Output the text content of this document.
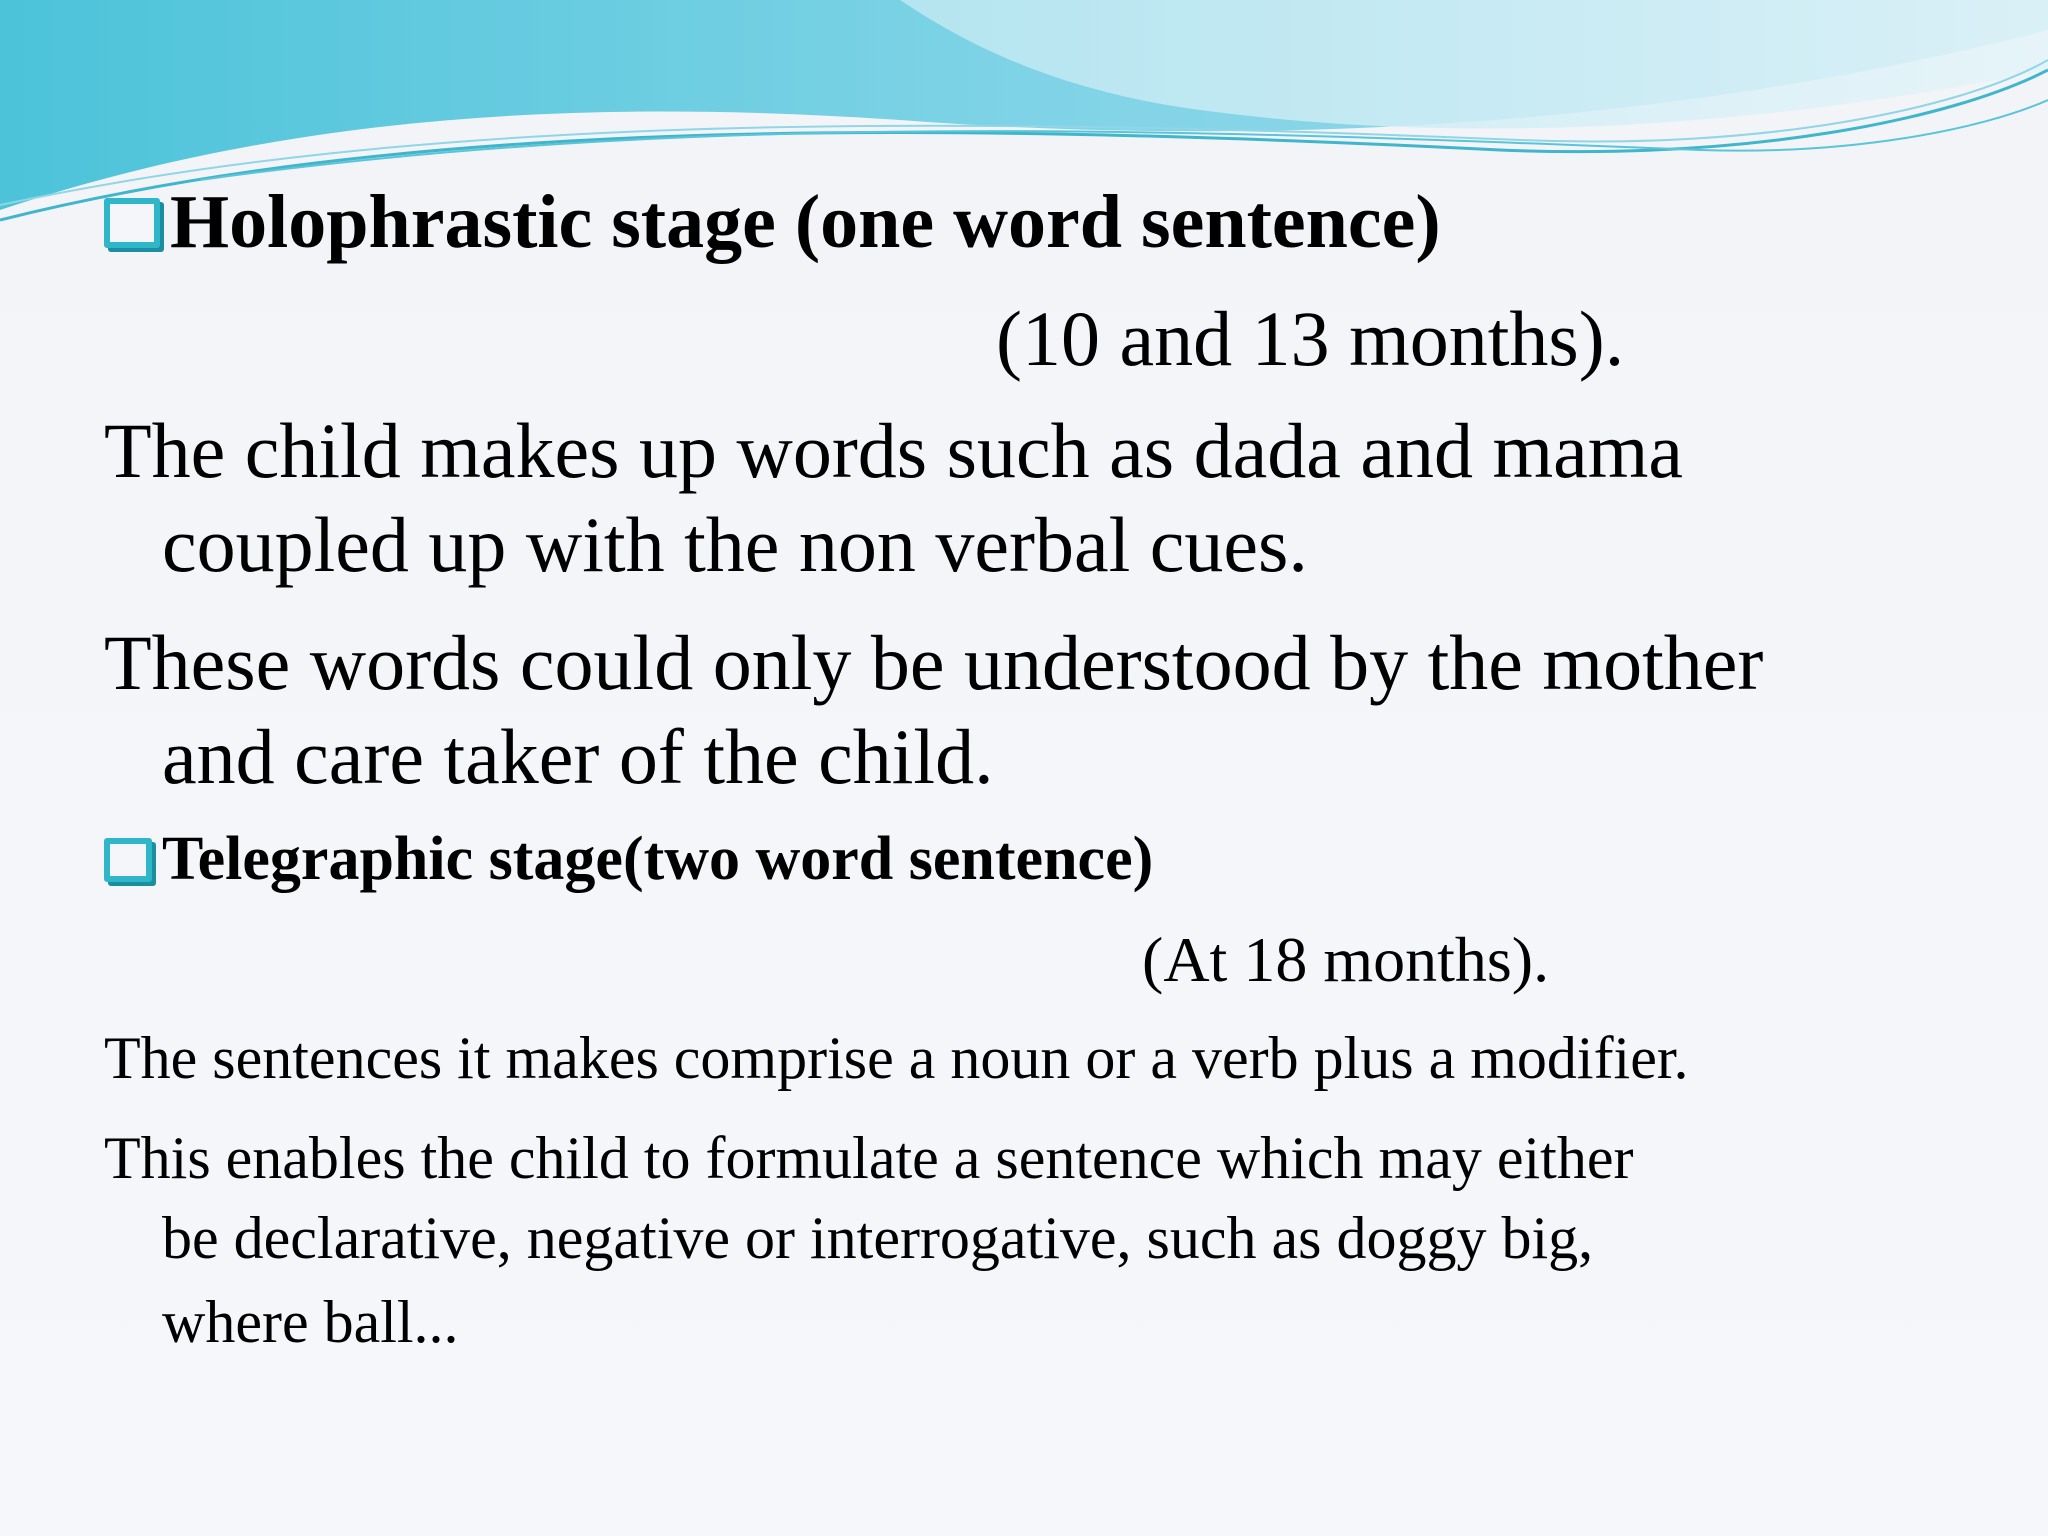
Holophrastic stage (one word sentence)
(10 and 13 months).
The child makes up words such as dada and mama
coupled up with the non verbal cues.
These words could only be understood by the mother
and care taker of the child.
Telegraphic stage(two word sentence)
(At 18 months).
The sentences it makes comprise a noun or a verb plus a modifier.
This enables the child to formulate a sentence which may either
be declarative, negative or interrogative, such as doggy big,
where ball...
